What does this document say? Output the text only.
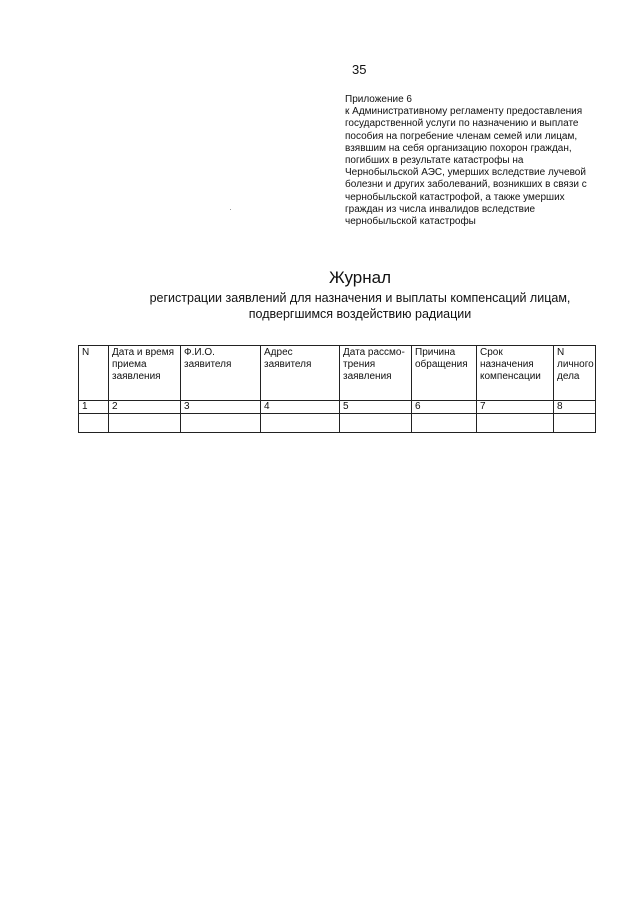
35
Приложение 6
к Административному регламенту предоставления
государственной услуги по назначению и выплате
пособия на погребение членам семей или лицам,
взявшим на себя организацию похорон граждан,
погибших в результате катастрофы на
Чернобыльской АЭС, умерших вследствие лучевой
болезни и других заболеваний, возникших в связи с
чернобыльской катастрофой, а также умерших
граждан из числа инвалидов вследствие
чернобыльской катастрофы
Журнал
регистрации заявлений для назначения и выплаты компенсаций лицам,
подвергшимся воздействию радиации
N	Дата и время приема заявления	Ф.И.О. заявителя	Адрес заявителя	Дата рассмо-трения заявления	Причина обращения	Срок назначения компенсации	N личного дела
1	2	3	4	5	6	7	8
